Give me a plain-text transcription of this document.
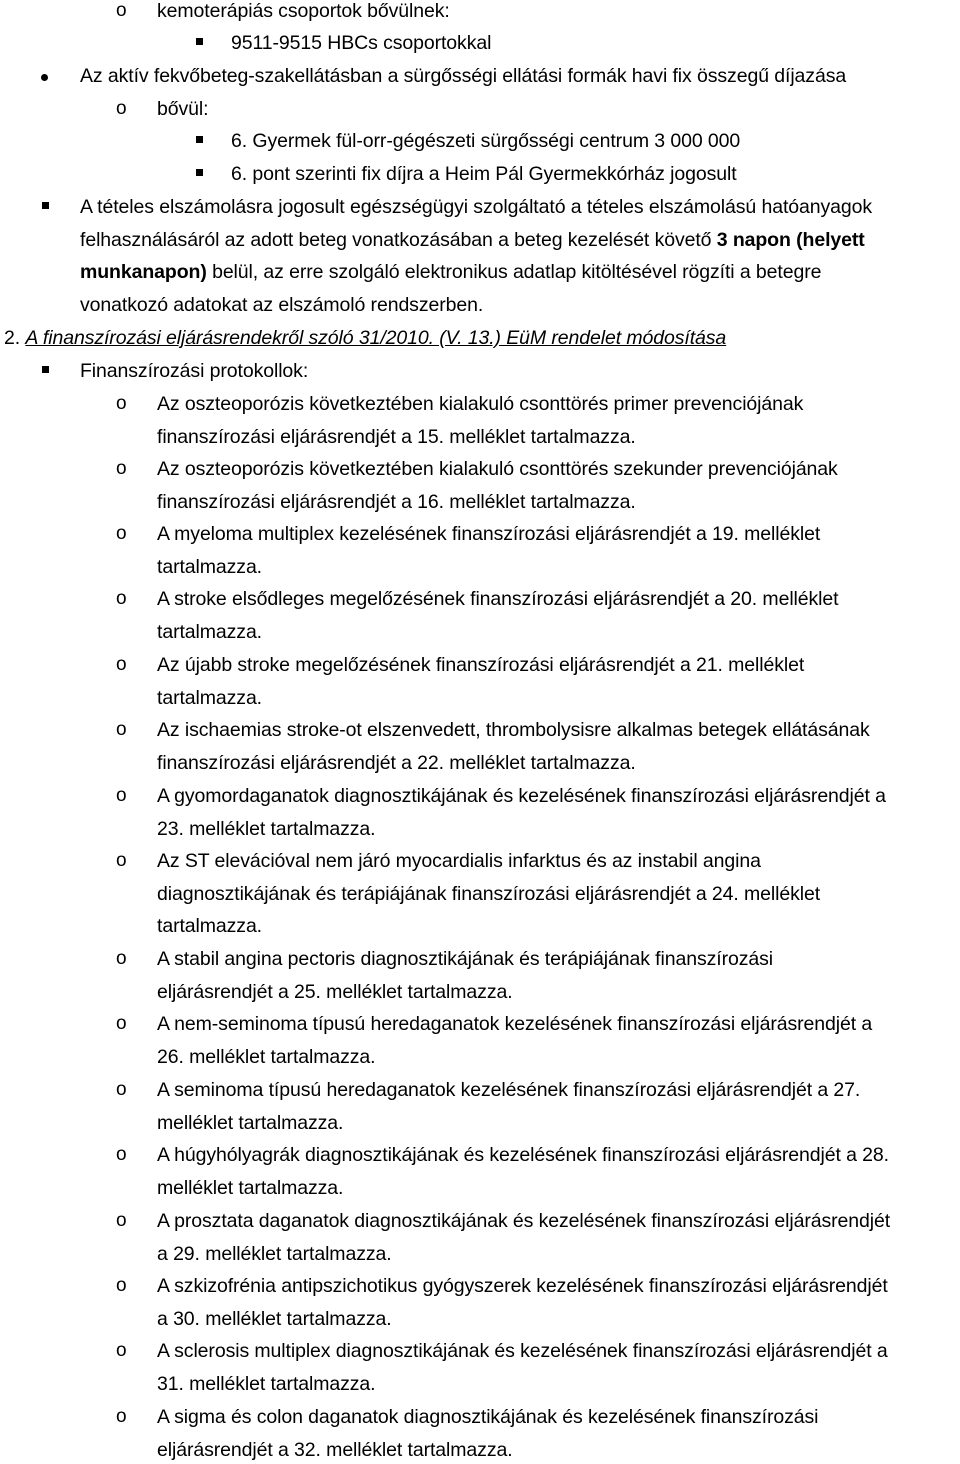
o kemoterápiás csoportok bővülnek:
9511-9515 HBCs csoportokkal
Az aktív fekvőbeteg-szakellátásban a sürgősségi ellátási formák havi fix összegű díjazása
o bővül:
6. Gyermek fül-orr-gégészeti sürgősségi centrum 3 000 000
6. pont szerinti fix díjra a Heim Pál Gyermekkórház jogosult
A tételes elszámolásra jogosult egészségügyi szolgáltató a tételes elszámolású hatóanyagok
felhasználásáról az adott beteg vonatkozásában a beteg kezelését követő 3 napon (helyett
munkanapon) belül, az erre szolgáló elektronikus adatlap kitöltésével rögzíti a betegre
vonatkozó adatokat az elszámoló rendszerben.
2. A finanszírozási eljárásrendekről szóló 31/2010. (V. 13.) EüM rendelet módosítása
Finanszírozási protokollok:
o Az oszteoporózis következtében kialakuló csonttörés primer prevenciójának
finanszírozási eljárásrendjét a 15. melléklet tartalmazza.
o Az oszteoporózis következtében kialakuló csonttörés szekunder prevenciójának
finanszírozási eljárásrendjét a 16. melléklet tartalmazza.
o A myeloma multiplex kezelésének finanszírozási eljárásrendjét a 19. melléklet
tartalmazza.
o A stroke elsődleges megelőzésének finanszírozási eljárásrendjét a 20. melléklet
tartalmazza.
o Az újabb stroke megelőzésének finanszírozási eljárásrendjét a 21. melléklet
tartalmazza.
o Az ischaemias stroke-ot elszenvedett, thrombolysisre alkalmas betegek ellátásának
finanszírozási eljárásrendjét a 22. melléklet tartalmazza.
o A gyomordaganatok diagnosztikájának és kezelésének finanszírozási eljárásrendjét a
23. melléklet tartalmazza.
o Az ST elevációval nem járó myocardialis infarktus és az instabil angina
diagnosztikájának és terápiájának finanszírozási eljárásrendjét a 24. melléklet
tartalmazza.
o A stabil angina pectoris diagnosztikájának és terápiájának finanszírozási
eljárásrendjét a 25. melléklet tartalmazza.
o A nem-seminoma típusú heredaganatok kezelésének finanszírozási eljárásrendjét a
26. melléklet tartalmazza.
o A seminoma típusú heredaganatok kezelésének finanszírozási eljárásrendjét a 27.
melléklet tartalmazza.
o A húgyhólyagrák diagnosztikájának és kezelésének finanszírozási eljárásrendjét a 28.
melléklet tartalmazza.
o A prosztata daganatok diagnosztikájának és kezelésének finanszírozási eljárásrendjét
a 29. melléklet tartalmazza.
o A szkizofrénia antipszichotikus gyógyszerek kezelésének finanszírozási eljárásrendjét
a 30. melléklet tartalmazza.
o A sclerosis multiplex diagnosztikájának és kezelésének finanszírozási eljárásrendjét a
31. melléklet tartalmazza.
o A sigma és colon daganatok diagnosztikájának és kezelésének finanszírozási
eljárásrendjét a 32. melléklet tartalmazza.
